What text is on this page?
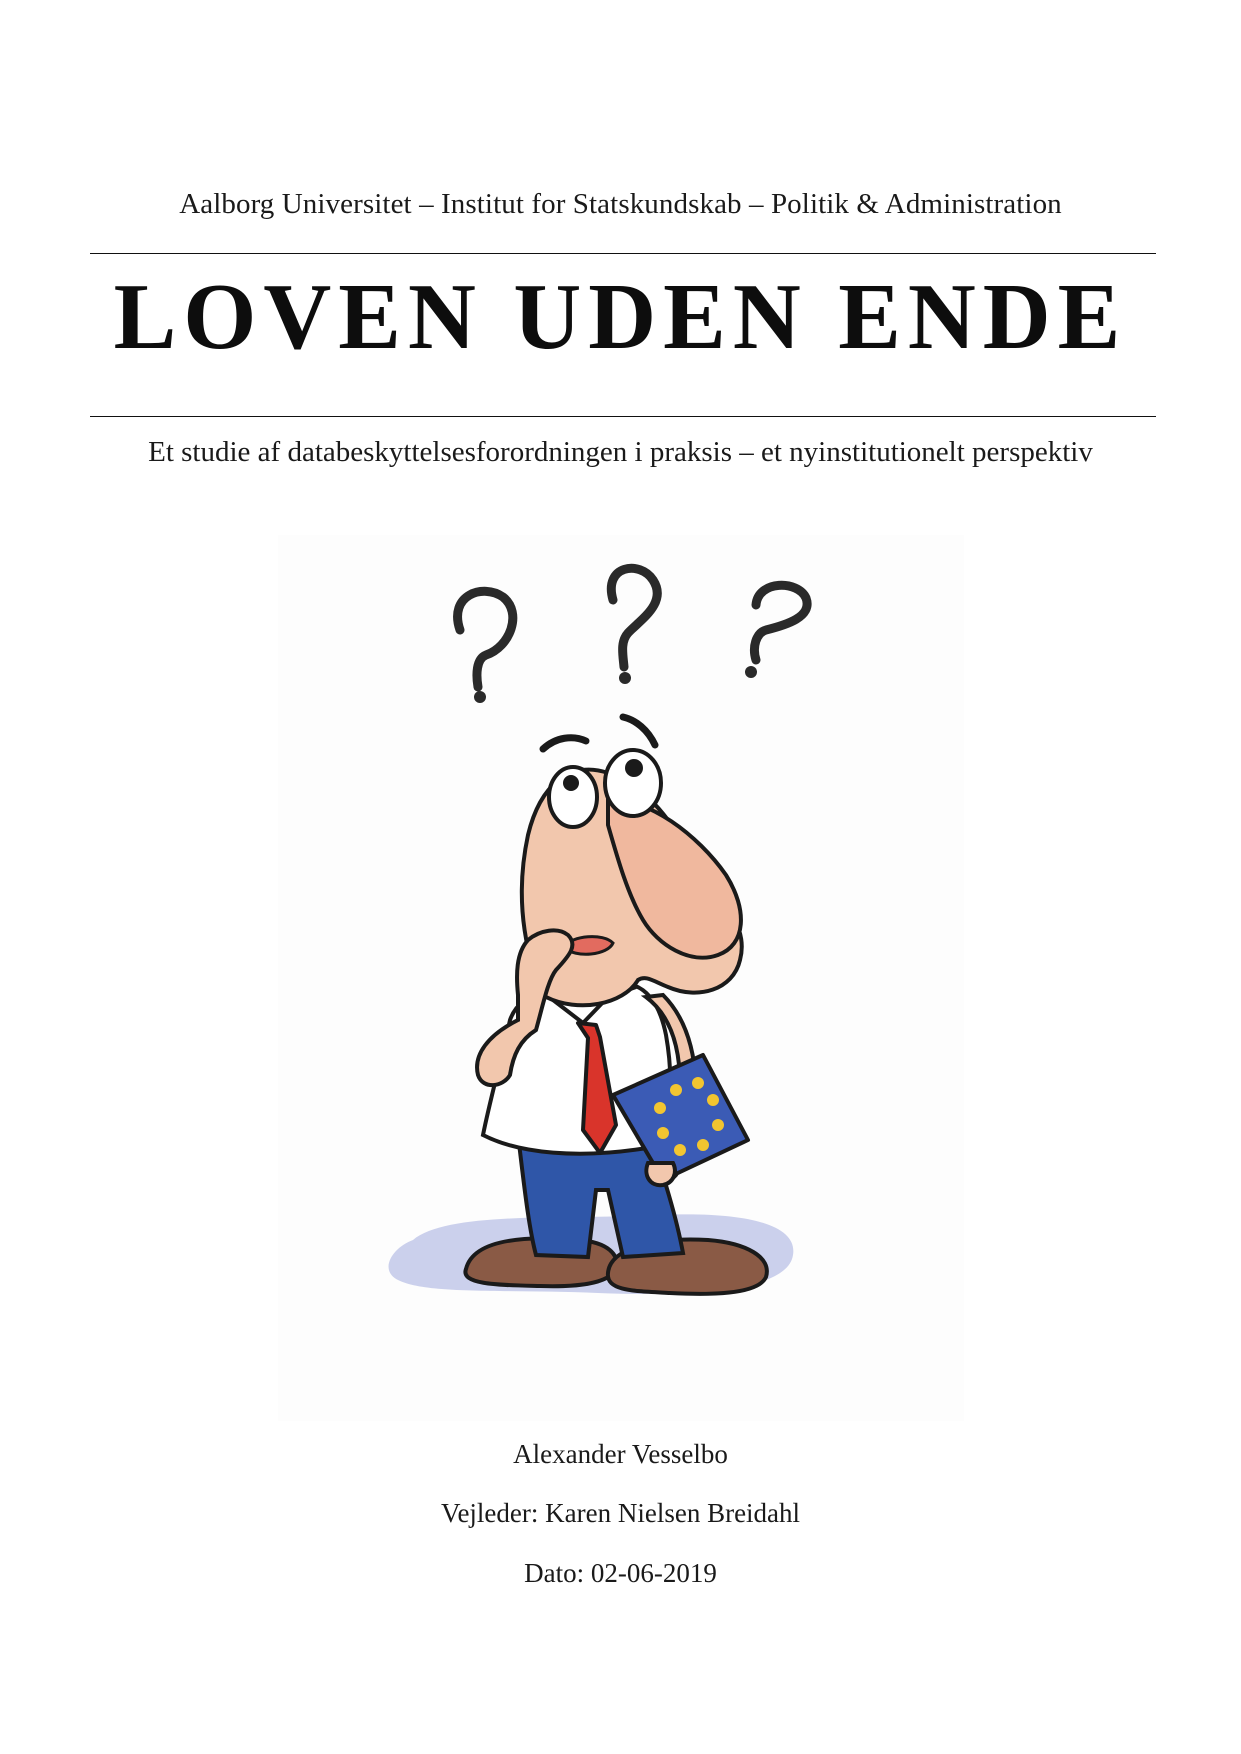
Aalborg Universitet – Institut for Statskundskab – Politik & Administration
LOVEN UDEN ENDE
Et studie af databeskyttelsesforordningen i praksis – et nyinstitutionelt perspektiv
Alexander Vesselbo
Vejleder: Karen Nielsen Breidahl
Dato: 02-06-2019
